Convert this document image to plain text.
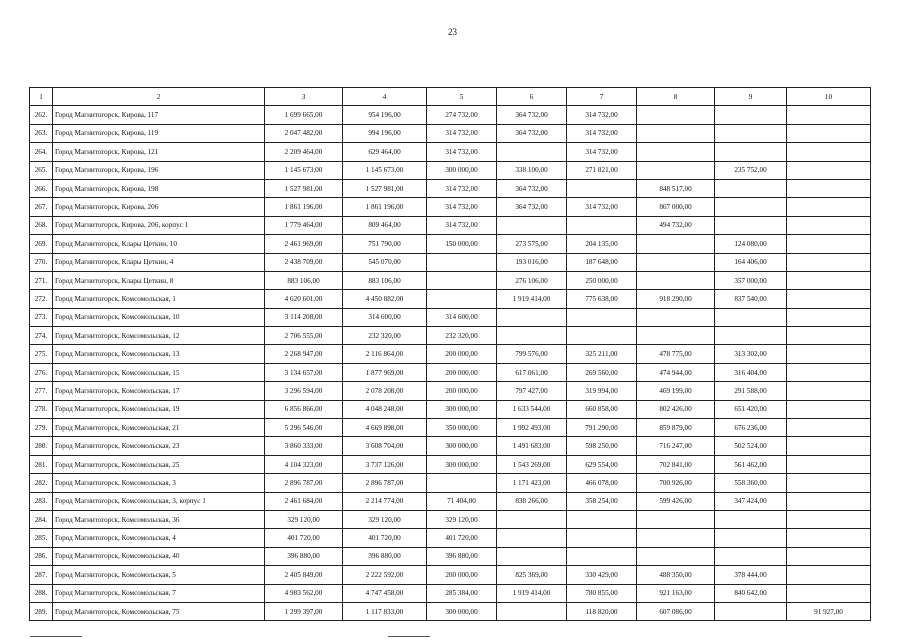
23
1	2	3	4	5	6	7	8	9	10
262.	Город Магнитогорск, Кирова, 117	1 699 665,00	954 196,00	274 732,00	364 732,00	314 732,00			
263.	Город Магнитогорск, Кирова, 119	2 047 482,00	994 196,00	314 732,00	364 732,00	314 732,00			
264.	Город Магнитогорск, Кирова, 121	2 209 464,00	629 464,00	314 732,00		314 732,00			
265.	Город Магнитогорск, Кирова, 196	1 145 673,00	1 145 673,00	300 000,00	338 100,00	271 821,00		235 752,00	
266.	Город Магнитогорск, Кирова, 198	1 527 981,00	1 527 981,00	314 732,00	364 732,00		848 517,00		
267.	Город Магнитогорск, Кирова, 206	1 861 196,00	1 861 196,00	314 732,00	364 732,00	314 732,00	867 000,00		
268.	Город Магнитогорск, Кирова, 206, корпус 1	1 779 464,00	809 464,00	314 732,00			494 732,00		
269.	Город Магнитогорск, Клары Цеткин, 10	2 461 969,00	751 790,00	150 000,00	273 575,00	204 135,00		124 080,00	
270.	Город Магнитогорск, Клары Цеткин, 4	2 438 709,00	545 070,00		193 016,00	187 648,00		164 406,00	
271.	Город Магнитогорск, Клары Цеткин, 8	883 106,00	883 106,00		276 106,00	250 000,00		357 000,00	
272.	Город Магнитогорск, Комсомольская, 1	4 620 601,00	4 450 882,00		1 919 414,00	775 638,00	918 290,00	837 540,00	
273.	Город Магнитогорск, Комсомольская, 10	3 114 208,00	314 600,00	314 600,00					
274.	Город Магнитогорск, Комсомольская, 12	2 706 555,00	232 320,00	232 320,00					
275.	Город Магнитогорск, Комсомольская, 13	2 268 947,00	2 116 864,00	200 000,00	799 576,00	325 211,00	478 775,00	313 302,00	
276.	Город Магнитогорск, Комсомольская, 15	3 134 657,00	1 877 969,00	200 000,00	617 061,00	269 560,00	474 944,00	316 404,00	
277.	Город Магнитогорск, Комсомольская, 17	3 296 594,00	2 078 208,00	200 000,00	797 427,00	319 994,00	469 199,00	291 588,00	
278.	Город Магнитогорск, Комсомольская, 19	6 856 866,00	4 048 248,00	300 000,00	1 633 544,00	660 858,00	802 426,00	651 420,00	
279.	Город Магнитогорск, Комсомольская, 21	5 296 546,00	4 669 898,00	350 000,00	1 992 493,00	791 290,00	859 879,00	676 236,00	
280.	Город Магнитогорск, Комсомольская, 23	3 860 333,00	3 608 704,00	300 000,00	1 491 683,00	598 250,00	716 247,00	502 524,00	
281.	Город Магнитогорск, Комсомольская, 25	4 104 323,00	3 737 126,00	300 000,00	1 543 269,00	629 554,00	702 841,00	561 462,00	
282.	Город Магнитогорск, Комсомольская, 3	2 896 787,00	2 896 787,00		1 171 423,00	466 078,00	700 926,00	558 360,00	
283.	Город Магнитогорск, Комсомольская, 3, корпус 1	2 461 684,00	2 214 774,00	71 404,00	838 266,00	358 254,00	599 426,00	347 424,00	
284.	Город Магнитогорск, Комсомольская, 36	329 120,00	329 120,00	329 120,00					
285.	Город Магнитогорск, Комсомольская, 4	401 720,00	401 720,00	401 720,00					
286.	Город Магнитогорск, Комсомольская, 40	396 880,00	396 880,00	396 880,00					
287.	Город Магнитогорск, Комсомольская, 5	2 405 849,00	2 222 592,00	200 000,00	825 369,00	330 429,00	488 350,00	378 444,00	
288.	Город Магнитогорск, Комсомольская, 7	4 983 562,00	4 747 458,00	285 384,00	1 919 414,00	780 855,00	921 163,00	840 642,00	
289.	Город Магнитогорск, Комсомольская, 75	1 299 397,00	1 117 833,00	300 000,00		118 820,00	607 086,00		91 927,00
